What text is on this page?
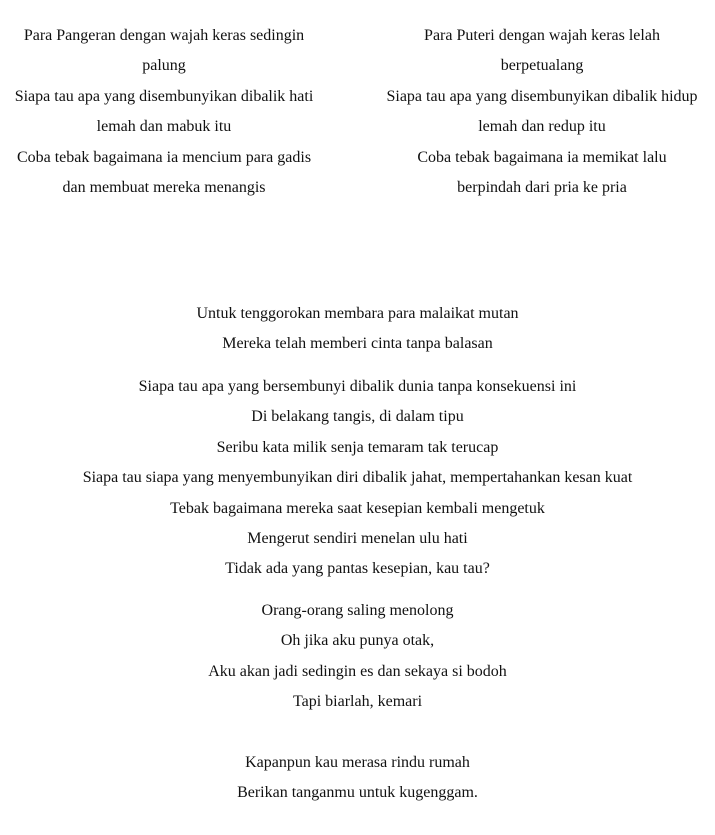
Para Pangeran dengan wajah keras sedingin

palung

Siapa tau apa yang disembunyikan dibalik hati

lemah dan mabuk itu

Coba tebak bagaimana ia mencium para gadis

dan membuat mereka menangis

Para Puteri dengan wajah keras lelah

berpetualang

Siapa tau apa yang disembunyikan dibalik hidup

lemah dan redup itu

Coba tebak bagaimana ia memikat lalu

berpindah dari pria ke pria

Untuk tenggorokan membara para malaikat mutan

Mereka telah memberi cinta tanpa balasan

Siapa tau apa yang bersembunyi dibalik dunia tanpa konsekuensi ini

Di belakang tangis, di dalam tipu

Seribu kata milik senja temaram tak terucap

Siapa tau siapa yang menyembunyikan diri dibalik jahat, mempertahankan kesan kuat

Tebak bagaimana mereka saat kesepian kembali mengetuk

Mengerut sendiri menelan ulu hati

Tidak ada yang pantas kesepian, kau tau?

Orang-orang saling menolong

Oh jika aku punya otak,

Aku akan jadi sedingin es dan sekaya si bodoh

Tapi biarlah, kemari

Kapanpun kau merasa rindu rumah

Berikan tanganmu untuk kugenggam.
